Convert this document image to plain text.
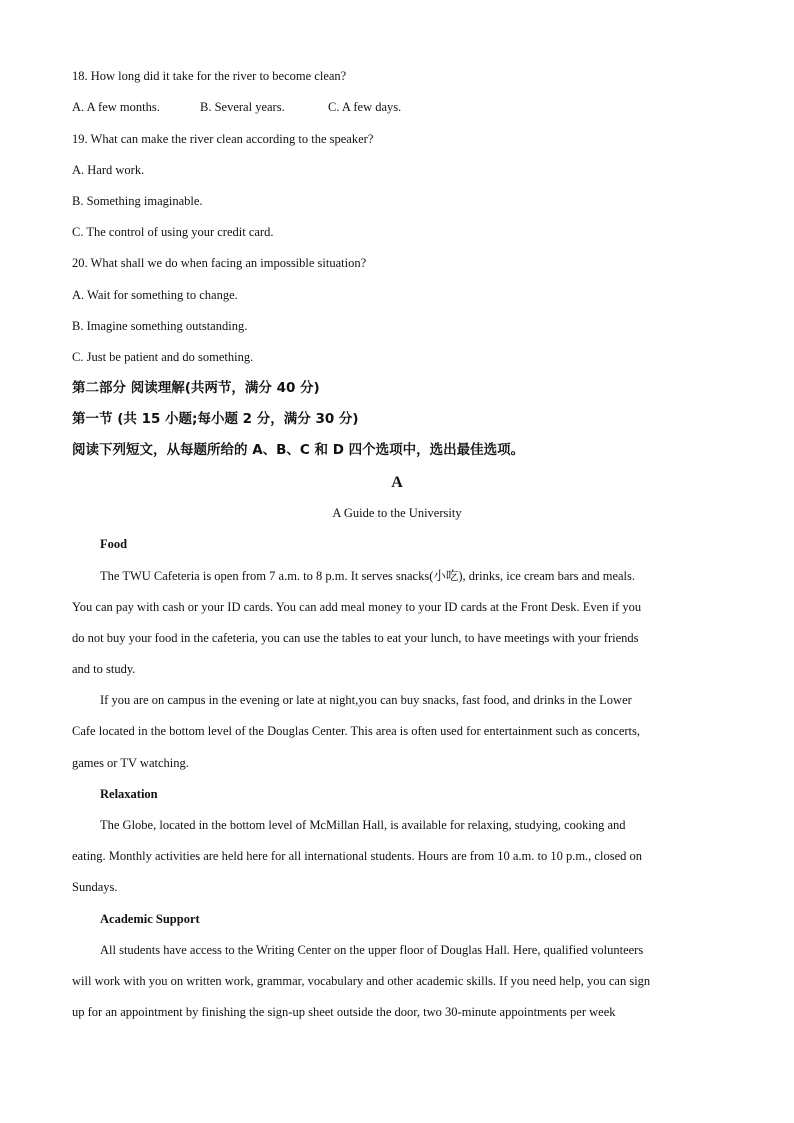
18. How long did it take for the river to become clean?
A. A few months.	B. Several years.	C. A few days.
19. What can make the river clean according to the speaker?
A. Hard work.
B. Something imaginable.
C. The control of using your credit card.
20. What shall we do when facing an impossible situation?
A. Wait for something to change.
B. Imagine something outstanding.
C. Just be patient and do something.
第二部分 阅读理解(共两节，满分 40 分)
第一节 (共 15 小题;每小题 2 分，满分 30 分)
阅读下列短文，从每题所给的 A、B、C 和 D 四个选项中，选出最佳选项。
A
A Guide to the University
Food
The TWU Cafeteria is open from 7 a.m. to 8 p.m. It serves snacks(小吃), drinks, ice cream bars and meals.
You can pay with cash or your ID cards. You can add meal money to your ID cards at the Front Desk. Even if you
do not buy your food in the cafeteria, you can use the tables to eat your lunch, to have meetings with your friends
and to study.
If you are on campus in the evening or late at night,you can buy snacks, fast food, and drinks in the Lower
Cafe located in the bottom level of the Douglas Center. This area is often used for entertainment such as concerts,
games or TV watching.
Relaxation
The Globe, located in the bottom level of McMillan Hall, is available for relaxing, studying, cooking and
eating. Monthly activities are held here for all international students. Hours are from 10 a.m. to 10 p.m., closed on
Sundays.
Academic Support
All students have access to the Writing Center on the upper floor of Douglas Hall. Here, qualified volunteers
will work with you on written work, grammar, vocabulary and other academic skills. If you need help, you can sign
up for an appointment by finishing the sign-up sheet outside the door, two 30-minute appointments per week
